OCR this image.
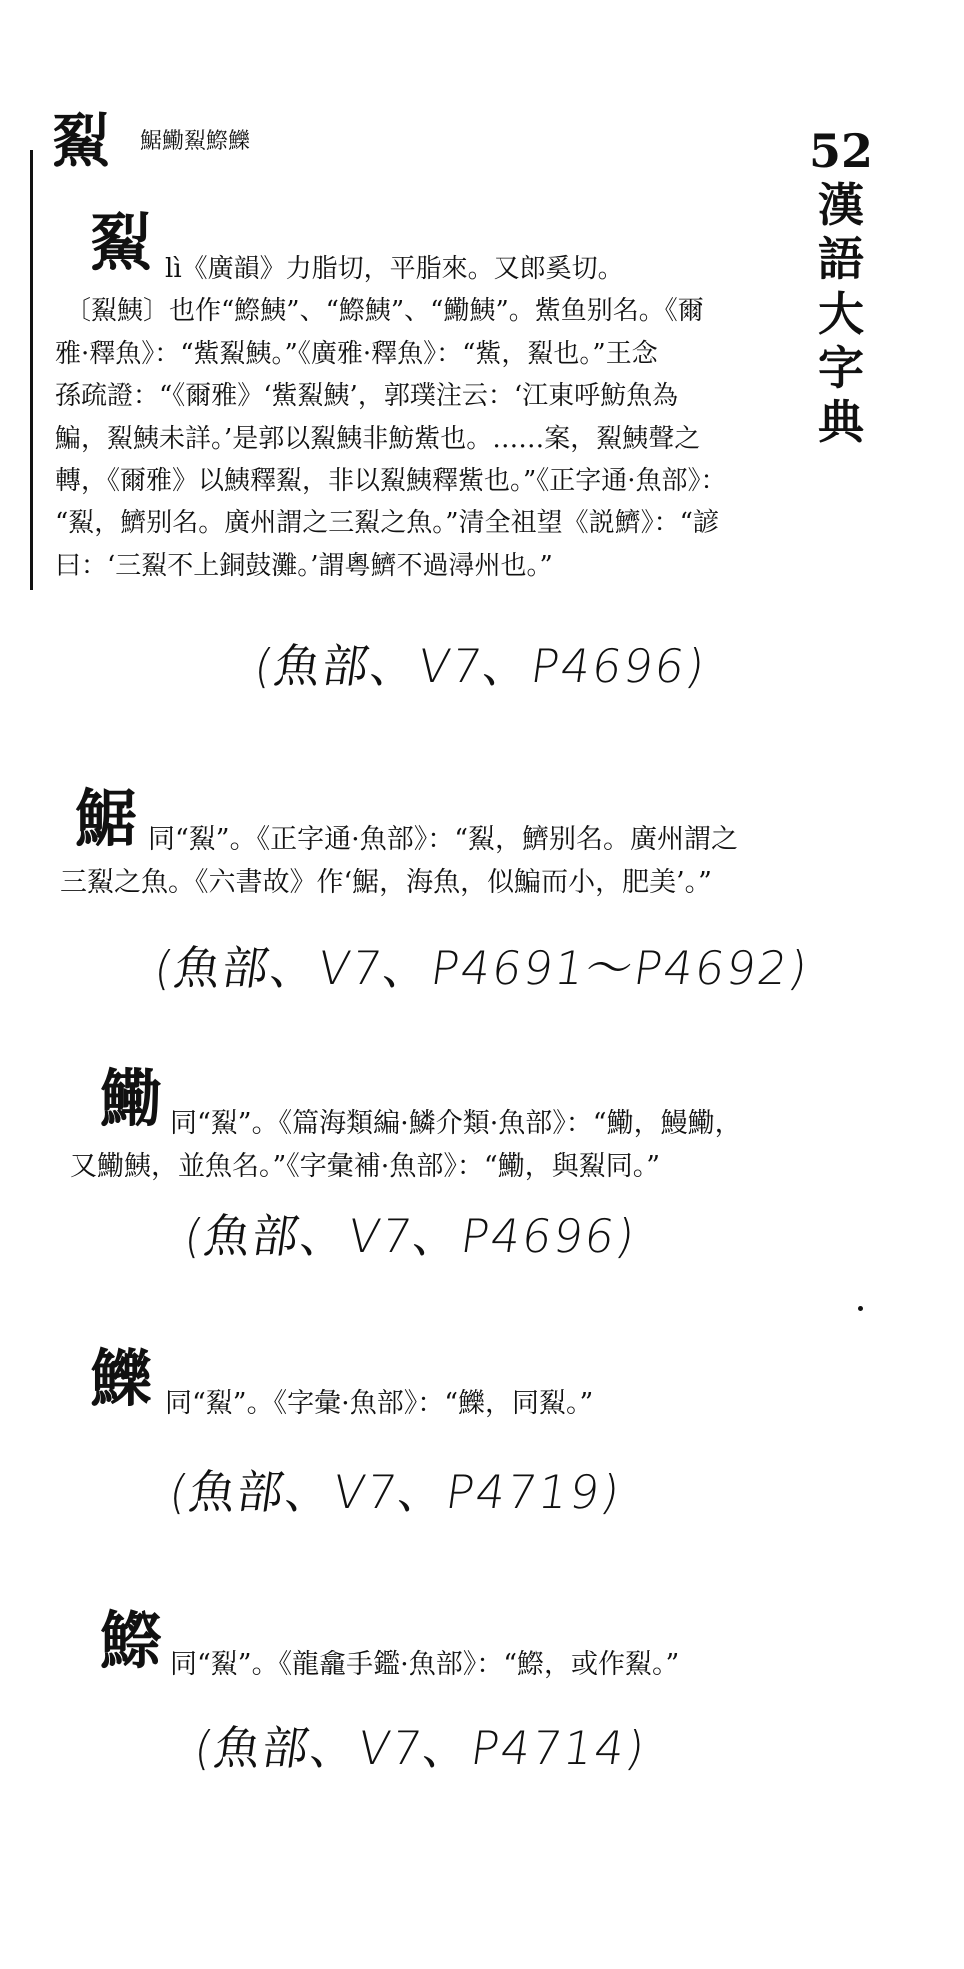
鮤 䱟鰳鮤鰶鱳	52
漢語大字典
鮤 lì《廣韻》力脂切，平脂來。又郎奚切。
〔鮤鮧〕也作“鰶鮧”、“鰶鮧”、“鰳鮧”。鮆鱼别名。《爾
雅·釋魚》：“鮆鮤鮧。”《廣雅·釋魚》：“鮆，鮤也。”王念
孫疏證：“《爾雅》‘鮆鮤鮧’，郭璞注云：‘江東呼魴魚為
鯿，鮤鮧未詳。’是郭以鮤鮧非魴鮆也。……案，鮤鮧聲之
轉，《爾雅》以鮧釋鮤，非以鮤鮧釋鮆也。”《正字通·魚部》：
“鮤，鱭别名。廣州謂之三鮤之魚。”清全祖望《説鱭》：“諺
曰：‘三鮤不上銅鼓灘。’謂粵鱭不過潯州也。”
(魚部、V7、P4696)
䱟 同“鮤”。《正字通·魚部》：“鮤，鱭别名。廣州謂之
三鮤之魚。《六書故》作‘䱟，海魚，似鯿而小，肥美’。”
(魚部、V7、P4691～P4692)
鰳 同“鮤”。《篇海類編·鱗介類·魚部》：“鰳，鰻鰳，
又鰳鮧，並魚名。”《字彙補·魚部》：“鰳，與鮤同。”
(魚部、V7、P4696)
鱳 同“鮤”。《字彙·魚部》：“鱳，同鮤。”
(魚部、V7、P4719)
鰶 同“鮤”。《龍龕手鑑·魚部》：“鰶，或作鮤。”
(魚部、V7、P4714)
